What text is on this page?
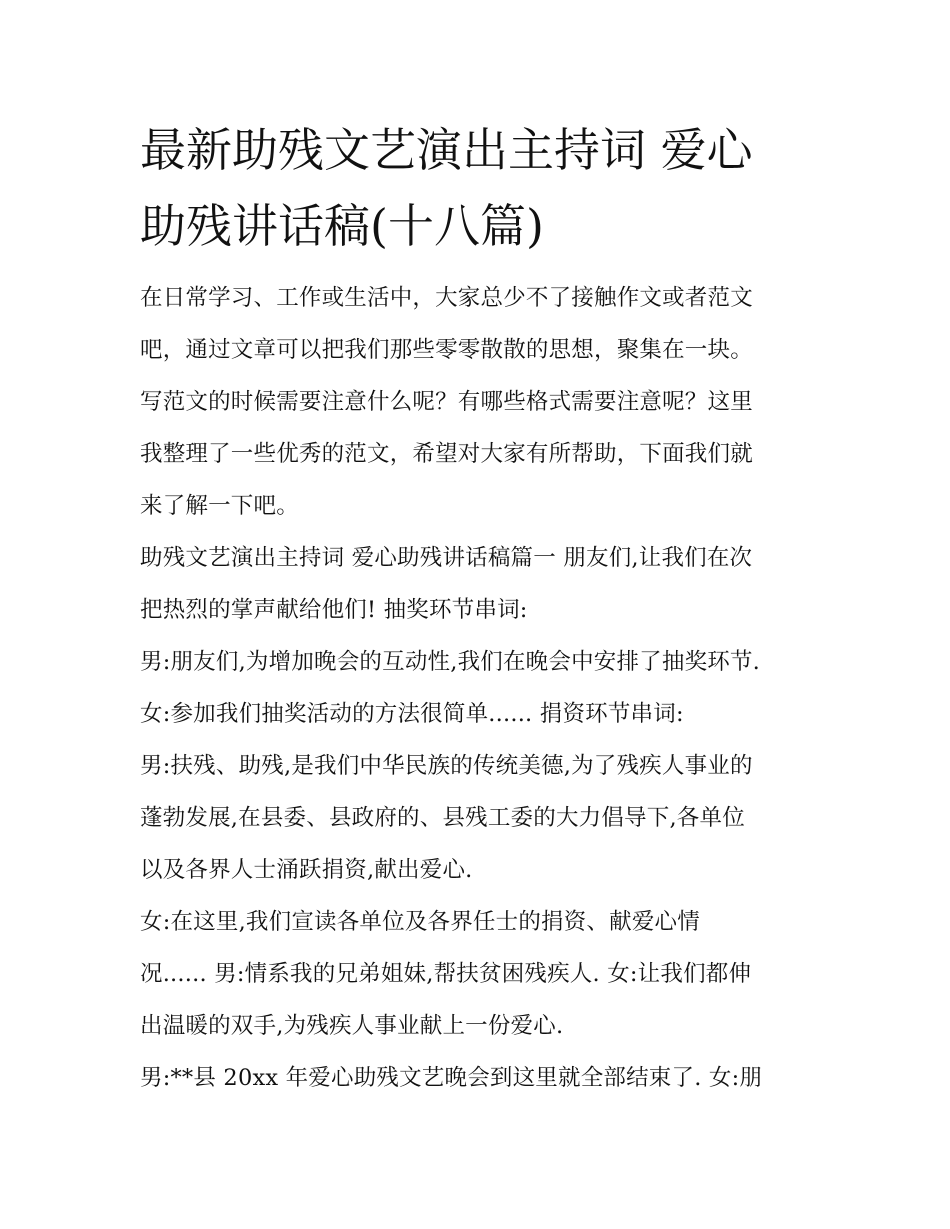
最新助残文艺演出主持词 爱心
助残讲话稿(十八篇)
在日常学习、工作或生活中，大家总少不了接触作文或者范文
吧，通过文章可以把我们那些零零散散的思想，聚集在一块。
写范文的时候需要注意什么呢？有哪些格式需要注意呢？这里
我整理了一些优秀的范文，希望对大家有所帮助，下面我们就
来了解一下吧。
助残文艺演出主持词 爱心助残讲话稿篇一 朋友们,让我们在次
把热烈的掌声献给他们! 抽奖环节串词:
男:朋友们,为增加晚会的互动性,我们在晚会中安排了抽奖环节.
女:参加我们抽奖活动的方法很简单...... 捐资环节串词:
男:扶残、助残,是我们中华民族的传统美德,为了残疾人事业的
蓬勃发展,在县委、县政府的、县残工委的大力倡导下,各单位
以及各界人士涌跃捐资,献出爱心.
女:在这里,我们宣读各单位及各界任士的捐资、献爱心情
况...... 男:情系我的兄弟姐妹,帮扶贫困残疾人. 女:让我们都伸
出温暖的双手,为残疾人事业献上一份爱心.
男:**县 20xx 年爱心助残文艺晚会到这里就全部结束了. 女:朋
